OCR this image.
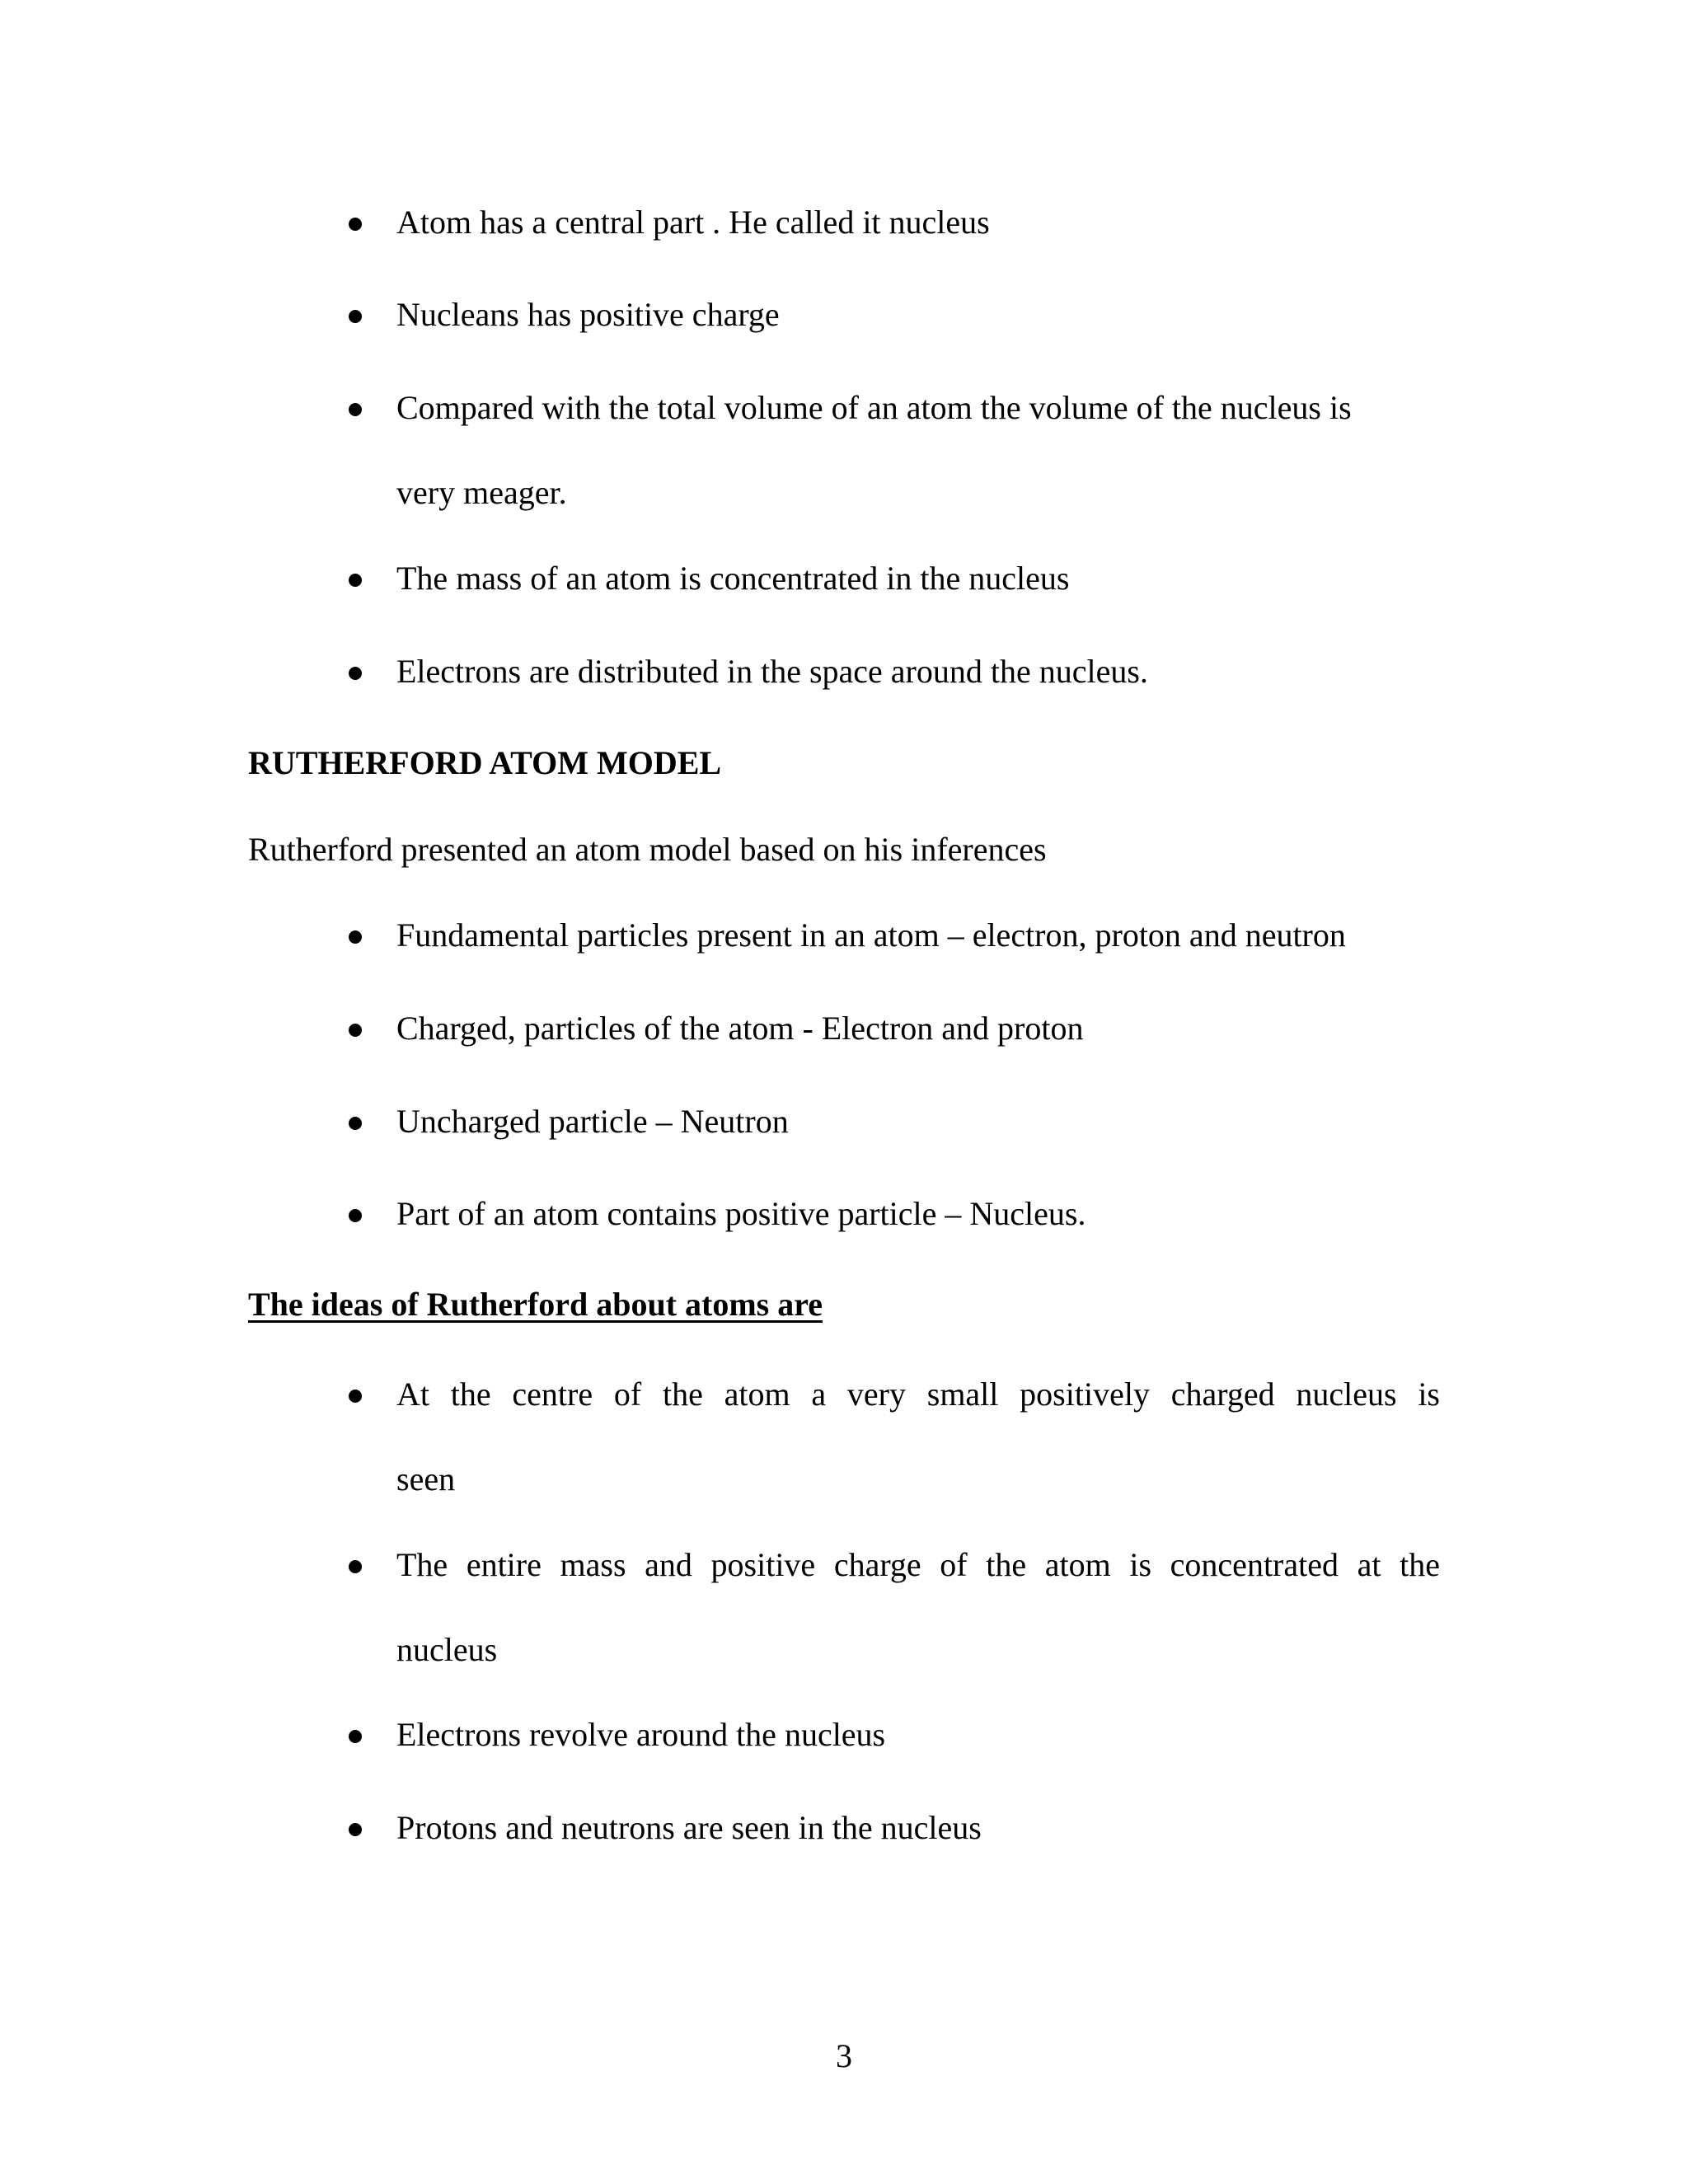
Atom has a central part . He called it nucleus
Nucleans has positive charge
Compared with the total volume of an atom the volume of the nucleus is
very meager.
The mass of an atom is concentrated in the nucleus
Electrons are distributed in the space around the nucleus.
RUTHERFORD ATOM MODEL
Rutherford presented an atom model based on his inferences
Fundamental particles present in an atom – electron, proton and neutron
Charged, particles of the atom - Electron and proton
Uncharged particle – Neutron
Part of an atom contains positive particle – Nucleus.
The ideas of Rutherford about atoms are
At the centre of the atom a very small positively charged nucleus is
seen
The entire mass and positive charge of the atom is concentrated at the
nucleus
Electrons revolve around the nucleus
Protons and neutrons are seen in the nucleus
3
